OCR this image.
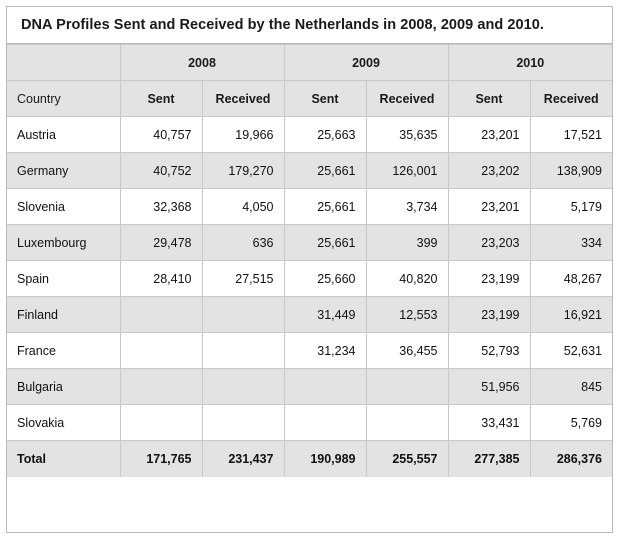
DNA Profiles Sent and Received by the Netherlands in 2008, 2009 and 2010.
	2008		2009		2010	
Country	Sent	Received	Sent	Received	Sent	Received
Austria	40,757	19,966	25,663	35,635	23,201	17,521
Germany	40,752	179,270	25,661	126,001	23,202	138,909
Slovenia	32,368	4,050	25,661	3,734	23,201	5,179
Luxembourg	29,478	636	25,661	399	23,203	334
Spain	28,410	27,515	25,660	40,820	23,199	48,267
Finland			31,449	12,553	23,199	16,921
France			31,234	36,455	52,793	52,631
Bulgaria					51,956	845
Slovakia					33,431	5,769
Total	171,765	231,437	190,989	255,557	277,385	286,376
